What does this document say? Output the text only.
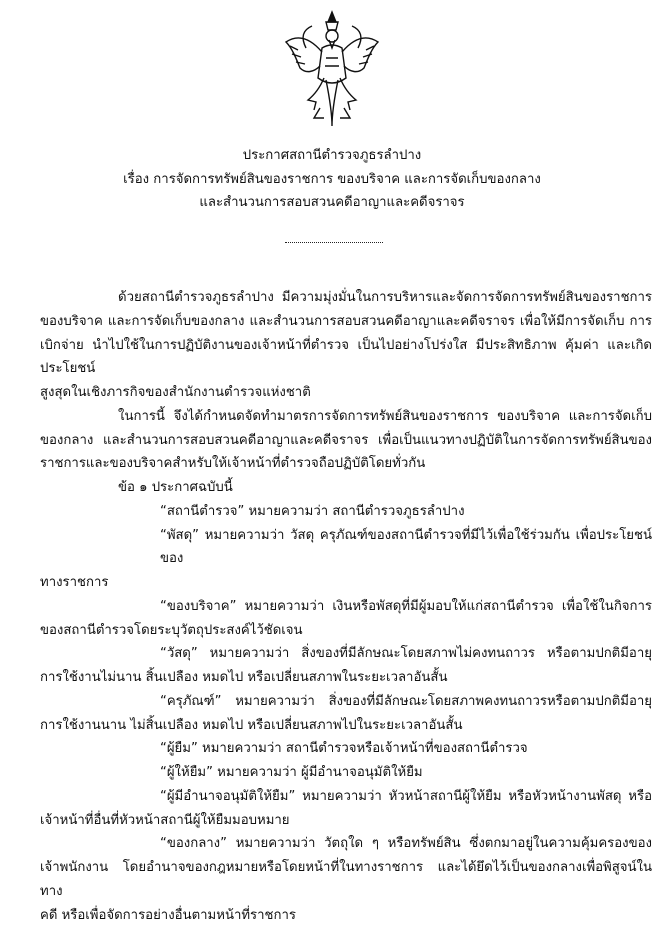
ประกาศสถานีตำรวจภูธรลำปาง
เรื่อง การจัดการทรัพย์สินของราชการ ของบริจาค และการจัดเก็บของกลาง
และสำนวนการสอบสวนคดีอาญาและคดีจราจร
ด้วยสถานีตำรวจภูธรลำปาง มีความมุ่งมั่นในการบริหารและจัดการจัดการทรัพย์สินของราชการ
ของบริจาค และการจัดเก็บของกลาง และสำนวนการสอบสวนคดีอาญาและคดีจราจร เพื่อให้มีการจัดเก็บ การ
เบิกจ่าย นำไปใช้ในการปฏิบัติงานของเจ้าหน้าที่ตำรวจ เป็นไปอย่างโปร่งใส มีประสิทธิภาพ คุ้มค่า และเกิดประโยชน์
สูงสุดในเชิงภารกิจของสำนักงานตำรวจแห่งชาติ
ในการนี้ จึงได้กำหนดจัดทำมาตรการจัดการทรัพย์สินของราชการ ของบริจาค และการจัดเก็บ
ของกลาง และสำนวนการสอบสวนคดีอาญาและคดีจราจร เพื่อเป็นแนวทางปฏิบัติในการจัดการทรัพย์สินของ
ราชการและของบริจาคสำหรับให้เจ้าหน้าที่ตำรวจถือปฏิบัติโดยทั่วกัน
ข้อ ๑ ประกาศฉบับนี้
“สถานีตำรวจ” หมายความว่า สถานีตำรวจภูธรลำปาง
“พัสดุ” หมายความว่า วัสดุ ครุภัณฑ์ของสถานีตำรวจที่มีไว้เพื่อใช้ร่วมกัน เพื่อประโยชน์ของ
ทางราชการ
“ของบริจาค” หมายความว่า เงินหรือพัสดุที่มีผู้มอบให้แก่สถานีตำรวจ เพื่อใช้ในกิจการ
ของสถานีตำรวจโดยระบุวัตถุประสงค์ไว้ชัดเจน
“วัสดุ” หมายความว่า สิ่งของที่มีลักษณะโดยสภาพไม่คงทนถาวร หรือตามปกติมีอายุ
การใช้งานไม่นาน สิ้นเปลือง หมดไป หรือเปลี่ยนสภาพในระยะเวลาอันสั้น
“ครุภัณฑ์” หมายความว่า สิ่งของที่มีลักษณะโดยสภาพคงทนถาวรหรือตามปกติมีอายุ
การใช้งานนาน ไม่สิ้นเปลือง หมดไป หรือเปลี่ยนสภาพไปในระยะเวลาอันสั้น
“ผู้ยืม” หมายความว่า สถานีตำรวจหรือเจ้าหน้าที่ของสถานีตำรวจ
“ผู้ให้ยืม” หมายความว่า ผู้มีอำนาจอนุมัติให้ยืม
“ผู้มีอำนาจอนุมัติให้ยืม” หมายความว่า หัวหน้าสถานีผู้ให้ยืม หรือหัวหน้างานพัสดุ หรือ
เจ้าหน้าที่อื่นที่หัวหน้าสถานีผู้ให้ยืมมอบหมาย
“ของกลาง” หมายความว่า วัตถุใด ๆ หรือทรัพย์สิน ซึ่งตกมาอยู่ในความคุ้มครองของ
เจ้าพนักงาน โดยอำนาจของกฎหมายหรือโดยหน้าที่ในทางราชการ และได้ยึดไว้เป็นของกลางเพื่อพิสูจน์ในทาง
คดี หรือเพื่อจัดการอย่างอื่นตามหน้าที่ราชการ
